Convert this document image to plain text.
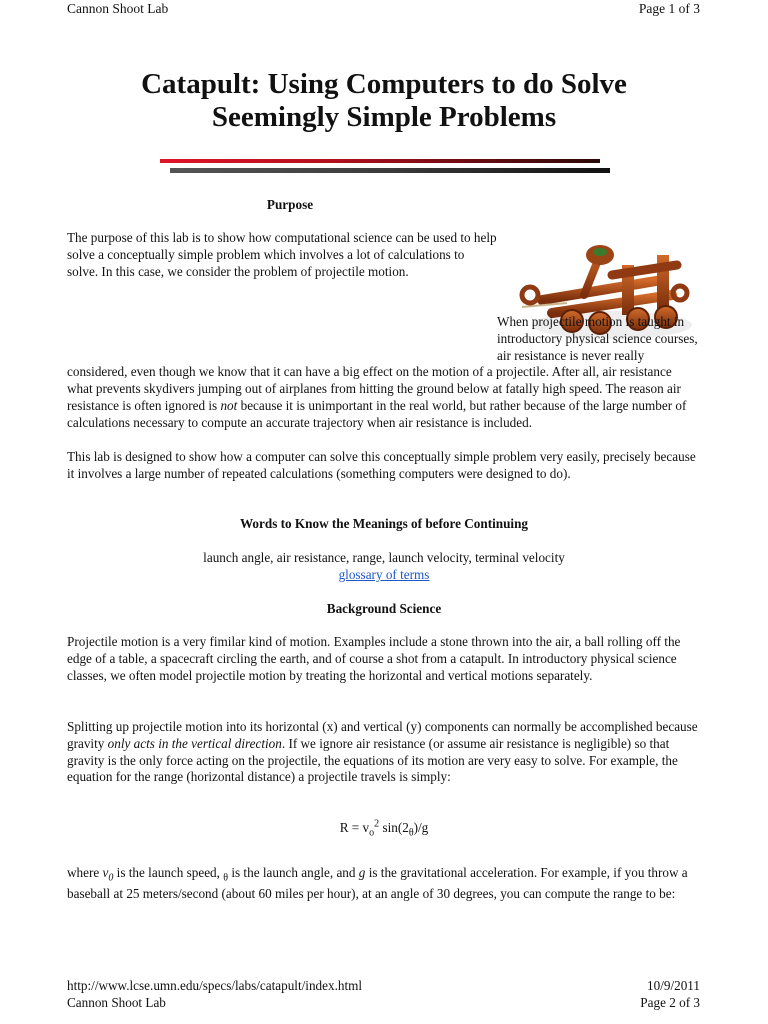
Cannon Shoot Lab	Page 1 of 3
Catapult: Using Computers to do Solve
Seemingly Simple Problems
Purpose
The purpose of this lab is to show how computational science can be used to help solve a conceptually simple problem which involves a lot of calculations to solve. In this case, we consider the problem of projectile motion.
When projectile motion is taught in introductory physical science courses, air resistance is never really considered, even though we know that it can have a big effect on the motion of a projectile. After all, air resistance what prevents skydivers jumping out of airplanes from hitting the ground below at fatally high speed. The reason air resistance is often ignored is not because it is unimportant in the real world, but rather because of the large number of calculations necessary to compute an accurate trajectory when air resistance is included.
This lab is designed to show how a computer can solve this conceptually simple problem very easily, precisely because it involves a large number of repeated calculations (something computers were designed to do).
Words to Know the Meanings of before Continuing
launch angle, air resistance, range, launch velocity, terminal velocity
glossary of terms
Background Science
Projectile motion is a very fimilar kind of motion. Examples include a stone thrown into the air, a ball rolling off the edge of a table, a spacecraft circling the earth, and of course a shot from a catapult. In introductory physical science classes, we often model projectile motion by treating the horizontal and vertical motions separately.
Splitting up projectile motion into its horizontal (x) and vertical (y) components can normally be accomplished because gravity only acts in the vertical direction. If we ignore air resistance (or assume air resistance is negligible) so that gravity is the only force acting on the projectile, the equations of its motion are very easy to solve. For example, the equation for the range (horizontal distance) a projectile travels is simply:
$R = v_o^2$ $\sin(2_\theta)/g$
where $v_0$ is the launch speed, $_\theta$ is the launch angle, and g is the gravitational acceleration. For example, if you throw a baseball at 25 meters/second (about 60 miles per hour), at an angle of 30 degrees, you can compute the range to be:
http://www.lcse.umn.edu/specs/labs/catapult/index.html
Cannon Shoot Lab
10/9/2011
Page 2 of 3
